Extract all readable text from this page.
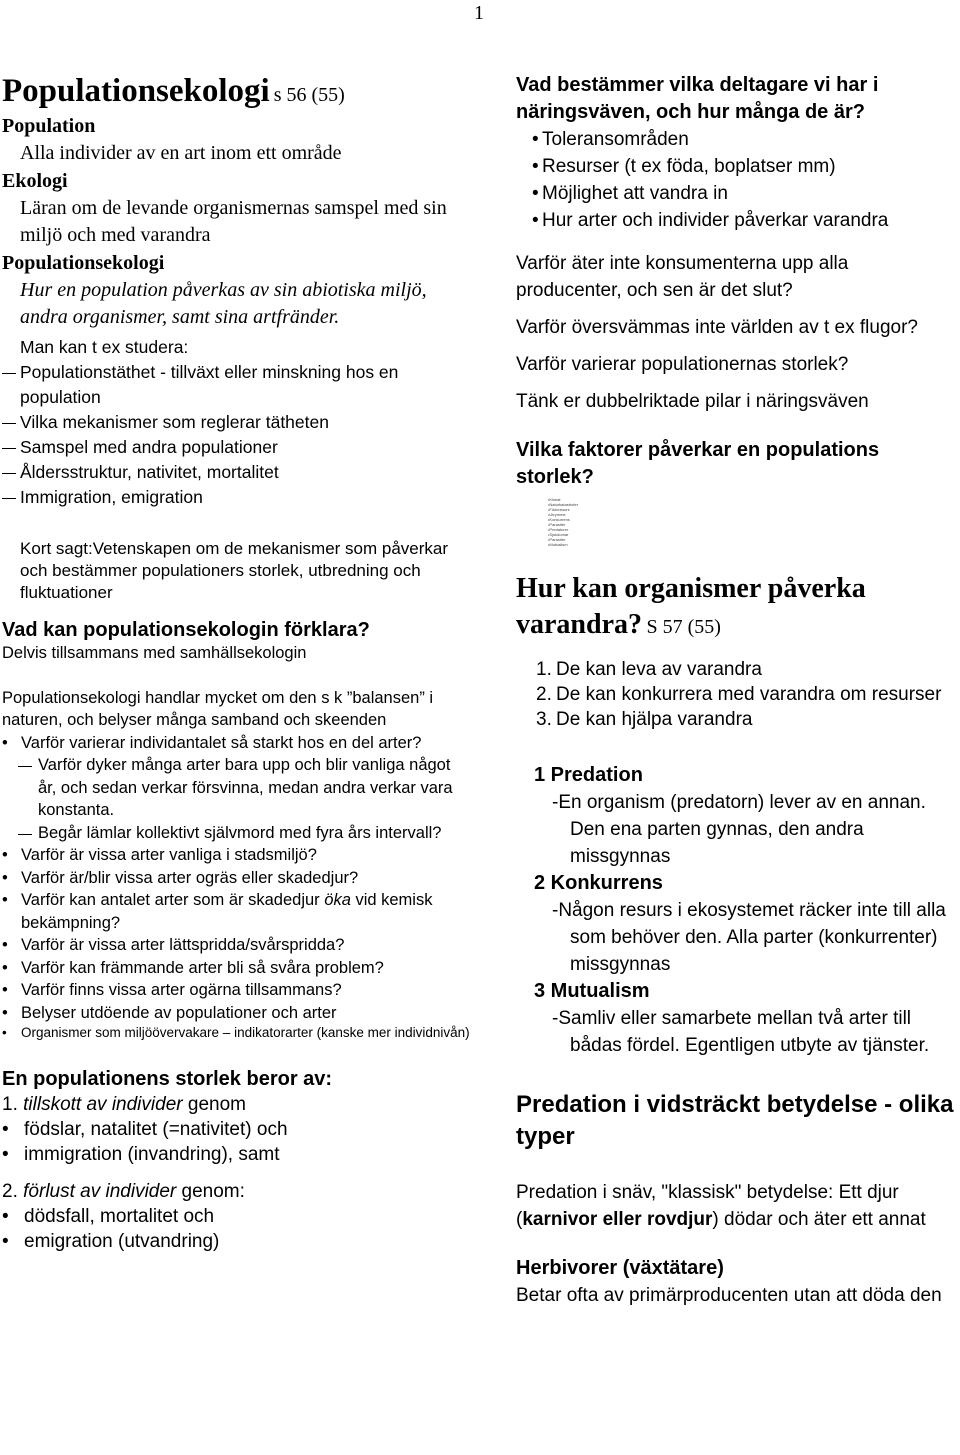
1
Populationsekologi s 56 (55)
Population
Alla individer av en art inom ett område
Ekologi
Läran om de levande organismernas samspel med sin miljö och med varandra
Populationsekologi
Hur en population påverkas av sin abiotiska miljö, andra organismer, samt sina artfränder.
Man kan t ex studera:
Populationstäthet - tillväxt eller minskning hos en population
Vilka mekanismer som reglerar tätheten
Samspel med andra populationer
Åldersstruktur, nativitet, mortalitet
Immigration, emigration
Kort sagt:Vetenskapen om de mekanismer som påverkar och bestämmer populationers storlek, utbredning och fluktuationer
Vad kan populationsekologin förklara?
Delvis tillsammans med samhällsekologin
Populationsekologi handlar mycket om den s k ”balansen” i naturen, och belyser många samband och skeenden
• Varför varierar individantalet så starkt hos en del arter?
Varför dyker många arter bara upp och blir vanliga något år, och sedan verkar försvinna, medan andra verkar vara konstanta.
Begår lämlar kollektivt självmord med fyra års intervall?
• Varför är vissa arter vanliga i stadsmiljö?
• Varför är/blir vissa arter ogräs eller skadedjur?
• Varför kan antalet arter som är skadedjur öka vid kemisk bekämpning?
• Varför är vissa arter lättspridda/svårspridda?
• Varför kan främmande arter bli så svåra problem?
• Varför finns vissa arter ogärna tillsammans?
• Belyser utdöende av populationer och arter
• Organismer som miljöövervakare – indikatorarter (kanske mer individnivån)
En populationens storlek beror av:
1. tillskott av individer genom
• födslar, natalitet (=nativitet) och
• immigration (invandring), samt
2. förlust av individer genom:
• dödsfall, mortalitet och
• emigration (utvandring)
Vad bestämmer vilka deltagare vi har i näringsväven, och hur många de är?
• Toleransområden
• Resurser (t ex föda, boplatser mm)
• Möjlighet att vandra in
• Hur arter och individer påverkar varandra
Varför äter inte konsumenterna upp alla producenter, och sen är det slut?
Varför översvämmas inte världen av t ex flugor?
Varför varierar populationernas storlek?
Tänk er dubbelriktade pilar i näringsväven
Vilka faktorer påverkar en populations storlek?
•Klimat
•Naturkatastrofer
•Födoresurs
•Utrymme
•Konkurrens
•Parasiter
•Predatorer
•Sjukdomar
•Parasiter
•Mutualism
Hur kan organismer påverka varandra? S 57 (55)
1. De kan leva av varandra
2. De kan konkurrera med varandra om resurser
3. De kan hjälpa varandra
1 Predation
-En organism (predatorn) lever av en annan. Den ena parten gynnas, den andra missgynnas
2 Konkurrens
-Någon resurs i ekosystemet räcker inte till alla som behöver den. Alla parter (konkurrenter) missgynnas
3 Mutualism
-Samliv eller samarbete mellan två arter till bådas fördel. Egentligen utbyte av tjänster.
Predation i vidsträckt betydelse - olika typer
Predation i snäv, "klassisk" betydelse: Ett djur (karnivor eller rovdjur) dödar och äter ett annat
Herbivorer (växtätare)
Betar ofta av primärproducenten utan att döda den
